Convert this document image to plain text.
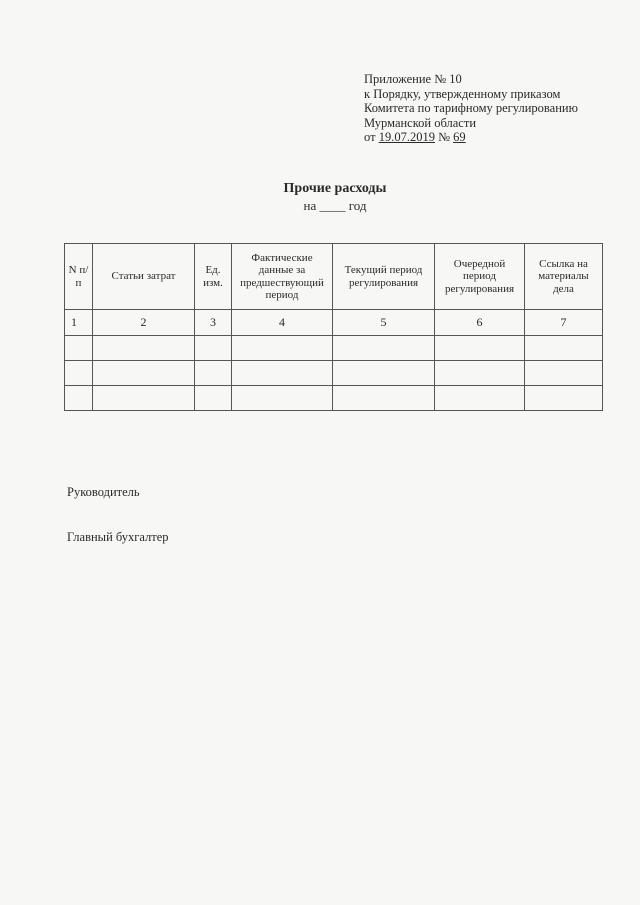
Приложение № 10
к Порядку, утвержденному приказом
Комитета по тарифному регулированию
Мурманской области
от 19.07.2019 № 69
Прочие расходы
на ____ год
N п/п	Статьи затрат	Ед. изм.	Фактические данные за предшествующий период	Текущий период регулирования	Очередной период регулирования	Ссылка на материалы дела
1	2	3	4	5	6	7

Руководитель
Главный бухгалтер
